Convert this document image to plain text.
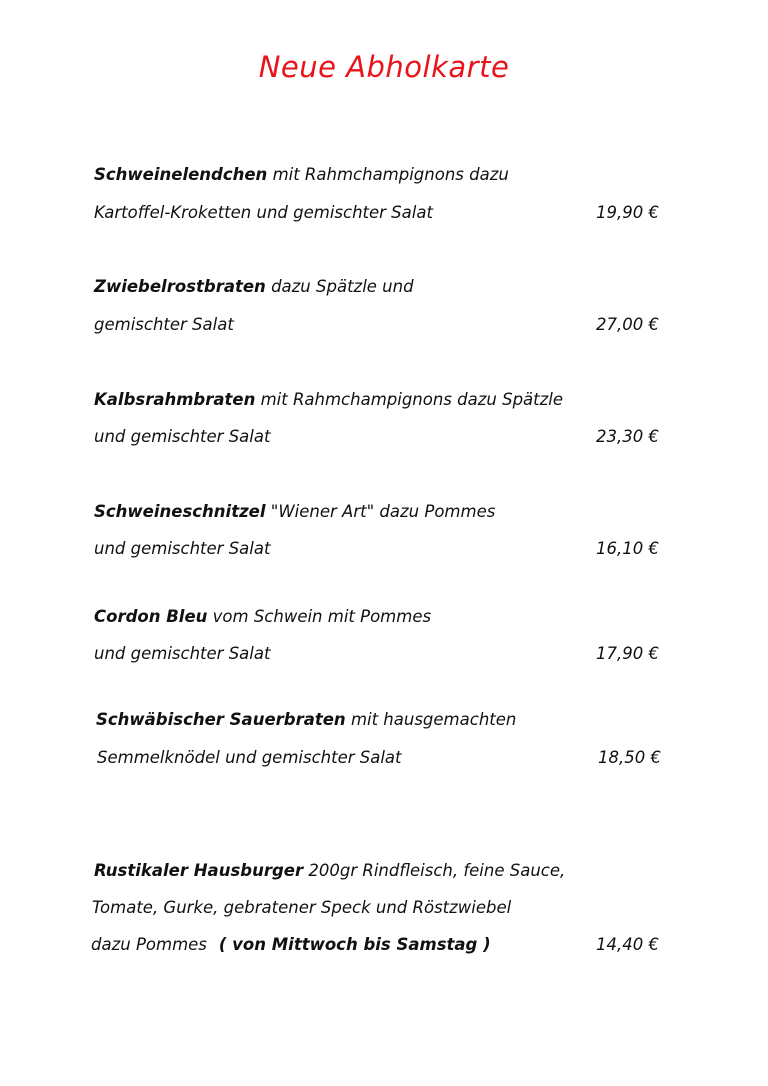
Neue Abholkarte
Schweinelendchen mit Rahmchampignons dazu
Kartoffel-Kroketten und gemischter Salat	19,90 €
Zwiebelrostbraten dazu Spätzle und
gemischter Salat	27,00 €
Kalbsrahmbraten mit Rahmchampignons dazu Spätzle
und gemischter Salat	23,30 €
Schweineschnitzel "Wiener Art" dazu Pommes
und gemischter Salat	16,10 €
Cordon Bleu vom Schwein mit Pommes
und gemischter Salat	17,90 €
Schwäbischer Sauerbraten mit hausgemachten
Semmelknödel und gemischter Salat	18,50 €
Rustikaler Hausburger 200gr Rindfleisch, feine Sauce,
Tomate, Gurke, gebratener Speck und Röstzwiebel
dazu Pommes ( von Mittwoch bis Samstag )	14,40 €
